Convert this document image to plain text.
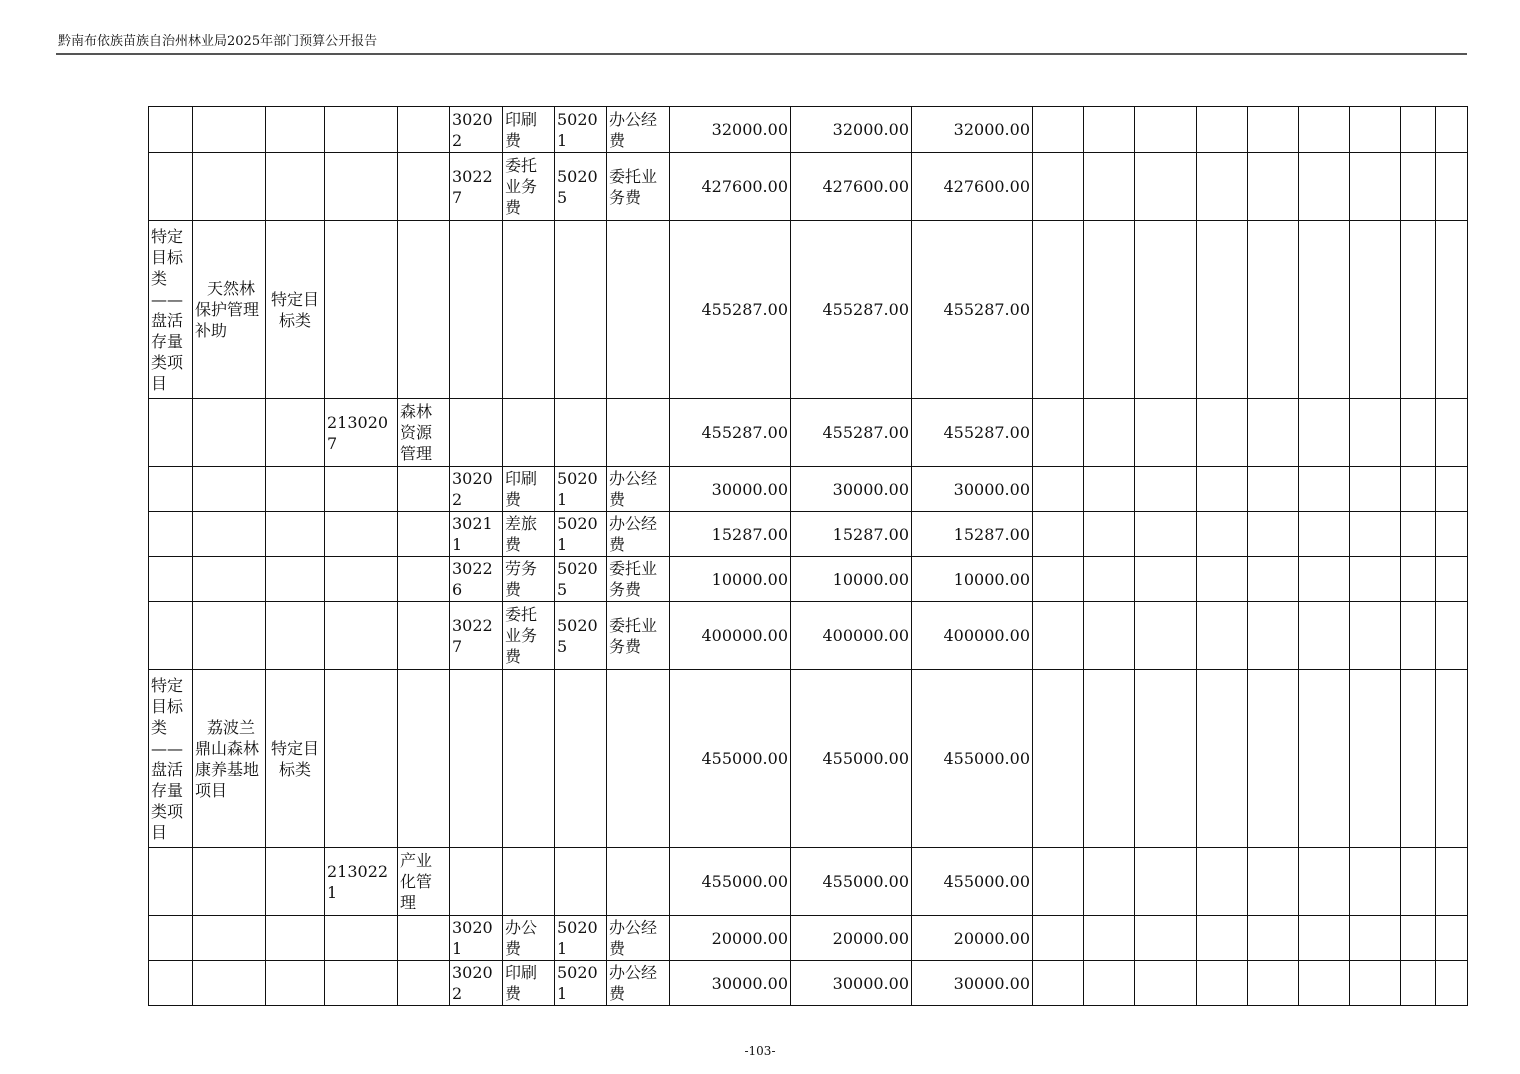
黔南布依族苗族自治州林业局2025年部门预算公开报告
					30202	印刷费	50201	办公经费	32000.00	32000.00	32000.00									
					30227	委托业务费	50205	委托业务费	427600.00	427600.00	427600.00									
特定目标类——盘活存量类项目	天然林保护管理补助	特定目标类							455287.00	455287.00	455287.00									
			2130207	森林资源管理					455287.00	455287.00	455287.00									
					30202	印刷费	50201	办公经费	30000.00	30000.00	30000.00									
					30211	差旅费	50201	办公经费	15287.00	15287.00	15287.00									
					30226	劳务费	50205	委托业务费	10000.00	10000.00	10000.00									
					30227	委托业务费	50205	委托业务费	400000.00	400000.00	400000.00									
特定目标类——盘活存量类项目	荔波兰鼎山森林康养基地项目	特定目标类							455000.00	455000.00	455000.00									
			2130221	产业化管理					455000.00	455000.00	455000.00									
					30201	办公费	50201	办公经费	20000.00	20000.00	20000.00									
					30202	印刷费	50201	办公经费	30000.00	30000.00	30000.00									
-103-
